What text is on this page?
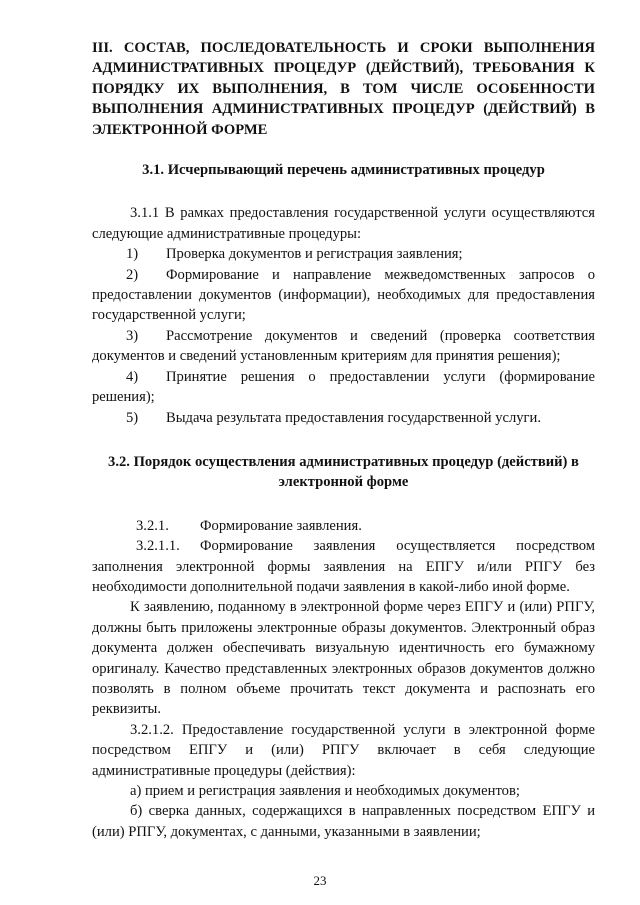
III. СОСТАВ, ПОСЛЕДОВАТЕЛЬНОСТЬ И СРОКИ ВЫПОЛНЕНИЯ АДМИНИСТРАТИВНЫХ ПРОЦЕДУР (ДЕЙСТВИЙ), ТРЕБОВАНИЯ К ПОРЯДКУ ИХ ВЫПОЛНЕНИЯ, В ТОМ ЧИСЛЕ ОСОБЕННОСТИ ВЫПОЛНЕНИЯ АДМИНИСТРАТИВНЫХ ПРОЦЕДУР (ДЕЙСТВИЙ) В ЭЛЕКТРОННОЙ ФОРМЕ
3.1. Исчерпывающий перечень административных процедур

3.1.1 В рамках предоставления государственной услуги осуществляются следующие административные процедуры:

1) Проверка документов и регистрация заявления;

2) Формирование и направление межведомственных запросов о предоставлении документов (информации), необходимых для предоставления государственной услуги;

3) Рассмотрение документов и сведений (проверка соответствия документов и сведений установленным критериям для принятия решения);

4) Принятие решения о предоставлении услуги (формирование решения);

5) Выдача результата предоставления государственной услуги.

3.2. Порядок осуществления административных процедур (действий) в электронной форме

3.2.1. Формирование заявления.

3.2.1.1. Формирование заявления осуществляется посредством заполнения электронной формы заявления на ЕПГУ и/или РПГУ без необходимости дополнительной подачи заявления в какой-либо иной форме.

К заявлению, поданному в электронной форме через ЕПГУ и (или) РПГУ, должны быть приложены электронные образы документов. Электронный образ документа должен обеспечивать визуальную идентичность его бумажному оригиналу. Качество представленных электронных образов документов должно позволять в полном объеме прочитать текст документа и распознать его реквизиты.

3.2.1.2. Предоставление государственной услуги в электронной форме посредством ЕПГУ и (или) РПГУ включает в себя следующие административные процедуры (действия):

а) прием и регистрация заявления и необходимых документов;

б) сверка данных, содержащихся в направленных посредством ЕПГУ и (или) РПГУ, документах, с данными, указанными в заявлении;

23
